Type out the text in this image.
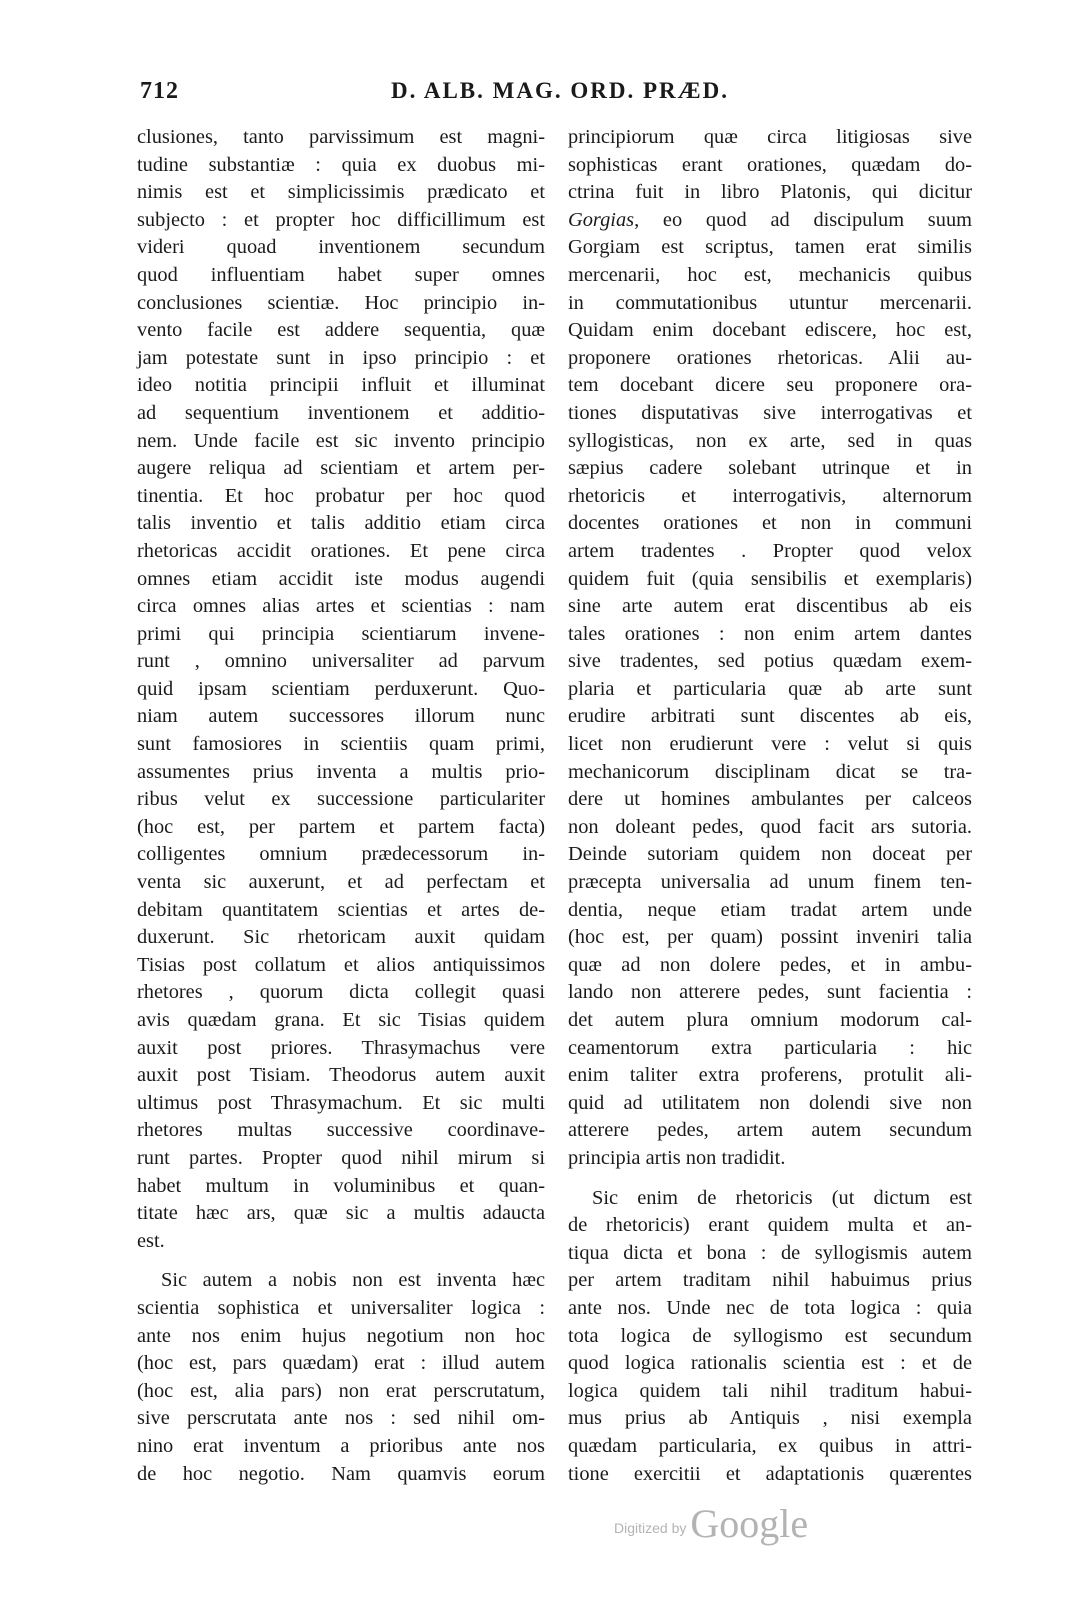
712	D. ALB. MAG. ORD. PRÆD.
clusiones, tanto parvissimum est magni-
tudine substantiæ : quia ex duobus mi-
nimis est et simplicissimis prædicato et
subjecto : et propter hoc difficillimum est
videri quoad inventionem secundum
quod influentiam habet super omnes
conclusiones scientiæ. Hoc principio in-
vento facile est addere sequentia, quæ
jam potestate sunt in ipso principio : et
ideo notitia principii influit et illuminat
ad sequentium inventionem et additio-
nem. Unde facile est sic invento principio
augere reliqua ad scientiam et artem per-
tinentia. Et hoc probatur per hoc quod
talis inventio et talis additio etiam circa
rhetoricas accidit orationes. Et pene circa
omnes etiam accidit iste modus augendi
circa omnes alias artes et scientias : nam
primi qui principia scientiarum invene-
runt , omnino universaliter ad parvum
quid ipsam scientiam perduxerunt. Quo-
niam autem successores illorum nunc
sunt famosiores in scientiis quam primi,
assumentes prius inventa a multis prio-
ribus velut ex successione particulariter
(hoc est, per partem et partem facta)
colligentes omnium prædecessorum in-
venta sic auxerunt, et ad perfectam et
debitam quantitatem scientias et artes de-
duxerunt. Sic rhetoricam auxit quidam
Tisias post collatum et alios antiquissimos
rhetores , quorum dicta collegit quasi
avis quædam grana. Et sic Tisias quidem
auxit post priores. Thrasymachus vere
auxit post Tisiam. Theodorus autem auxit
ultimus post Thrasymachum. Et sic multi
rhetores multas successive coordinave-
runt partes. Propter quod nihil mirum si
habet multum in voluminibus et quan-
titate hæc ars, quæ sic a multis adaucta
est.
Sic autem a nobis non est inventa hæc
scientia sophistica et universaliter logica :
ante nos enim hujus negotium non hoc
(hoc est, pars quædam) erat : illud autem
(hoc est, alia pars) non erat perscrutatum,
sive perscrutata ante nos : sed nihil om-
nino erat inventum a prioribus ante nos
de hoc negotio. Nam quamvis eorum
principiorum quæ circa litigiosas sive
sophisticas erant orationes, quædam do-
ctrina fuit in libro Platonis, qui dicitur
Gorgias, eo quod ad discipulum suum
Gorgiam est scriptus, tamen erat similis
mercenarii, hoc est, mechanicis quibus
in commutationibus utuntur mercenarii.
Quidam enim docebant ediscere, hoc est,
proponere orationes rhetoricas. Alii au-
tem docebant dicere seu proponere ora-
tiones disputativas sive interrogativas et
syllogisticas, non ex arte, sed in quas
sæpius cadere solebant utrinque et in
rhetoricis et interrogativis, alternorum
docentes orationes et non in communi
artem tradentes . Propter quod velox
quidem fuit (quia sensibilis et exemplaris)
sine arte autem erat discentibus ab eis
tales orationes : non enim artem dantes
sive tradentes, sed potius quædam exem-
plaria et particularia quæ ab arte sunt
erudire arbitrati sunt discentes ab eis,
licet non erudierunt vere : velut si quis
mechanicorum disciplinam dicat se tra-
dere ut homines ambulantes per calceos
non doleant pedes, quod facit ars sutoria.
Deinde sutoriam quidem non doceat per
præcepta universalia ad unum finem ten-
dentia, neque etiam tradat artem unde
(hoc est, per quam) possint inveniri talia
quæ ad non dolere pedes, et in ambu-
lando non atterere pedes, sunt facientia :
det autem plura omnium modorum cal-
ceamentorum extra particularia : hic
enim taliter extra proferens, protulit ali-
quid ad utilitatem non dolendi sive non
atterere pedes, artem autem secundum
principia artis non tradidit.
Sic enim de rhetoricis (ut dictum est
de rhetoricis) erant quidem multa et an-
tiqua dicta et bona : de syllogismis autem
per artem traditam nihil habuimus prius
ante nos. Unde nec de tota logica : quia
tota logica de syllogismo est secundum
quod logica rationalis scientia est : et de
logica quidem tali nihil traditum habui-
mus prius ab Antiquis , nisi exempla
quædam particularia, ex quibus in attri-
tione exercitii et adaptationis quærentes
Digitized by Google
